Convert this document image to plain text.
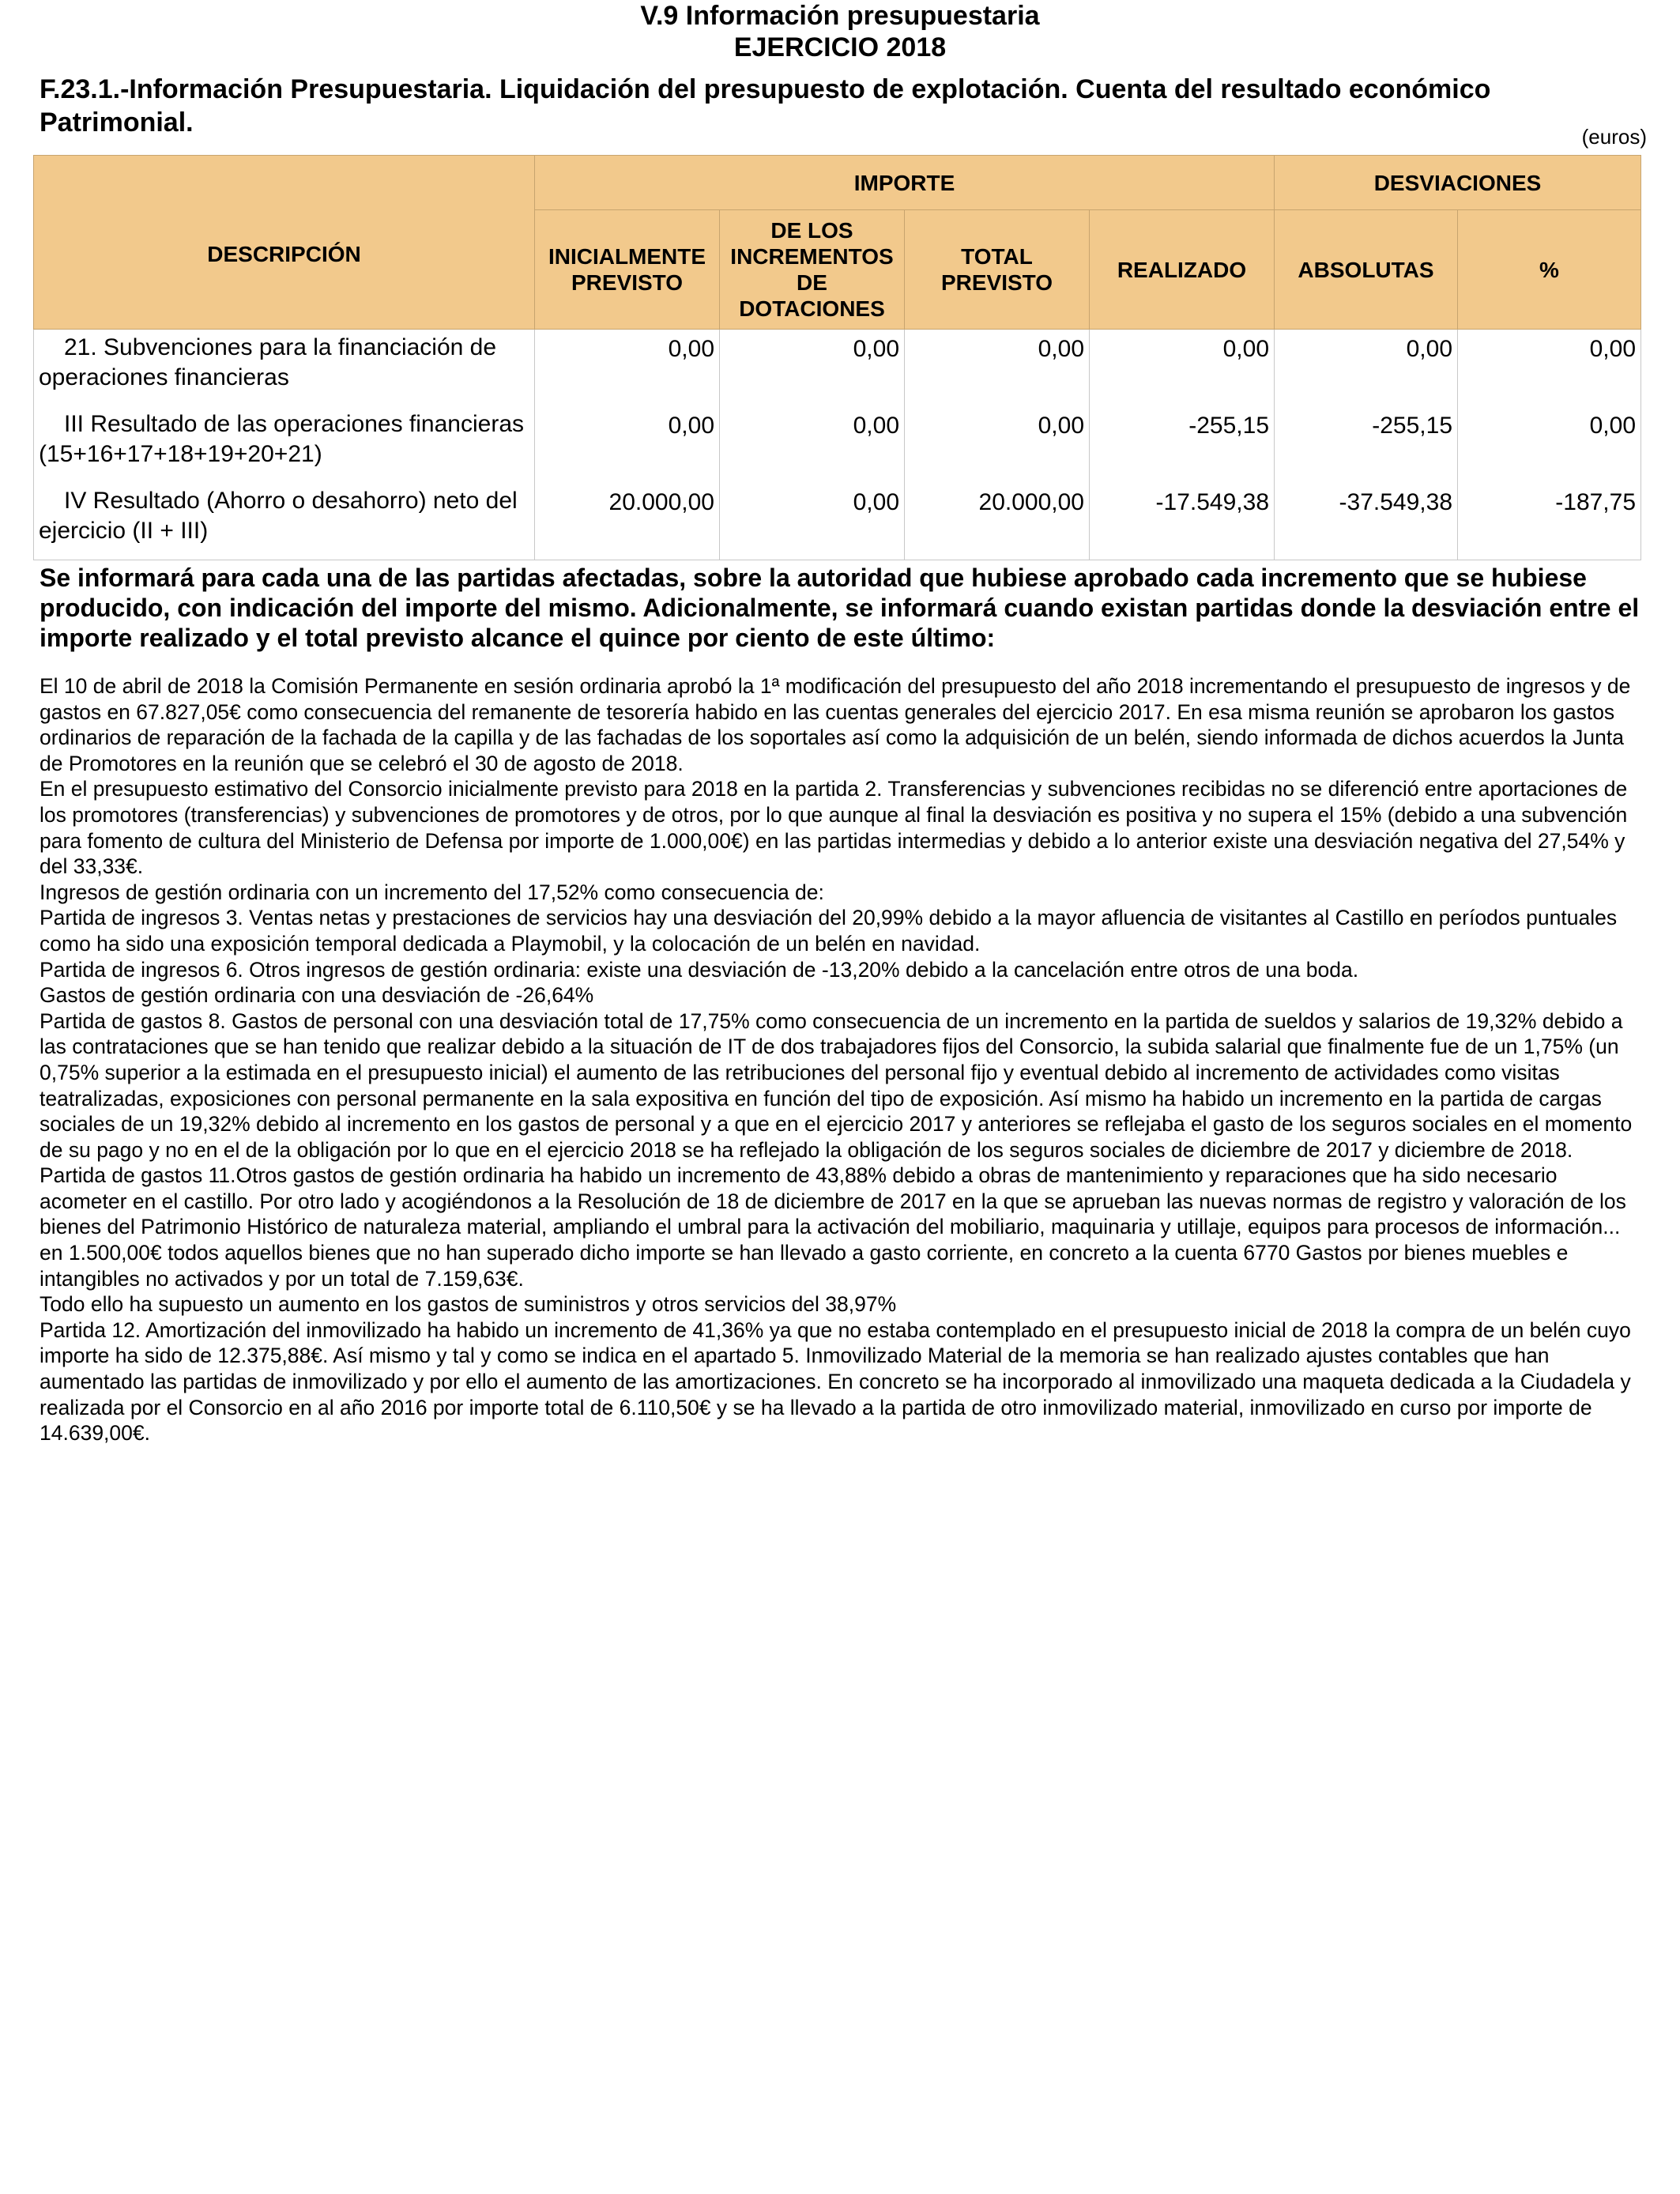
V.9 Información presupuestaria
EJERCICIO 2018
F.23.1.-Información Presupuestaria. Liquidación del presupuesto de explotación. Cuenta del resultado económico Patrimonial.	(euros)
DESCRIPCIÓN	IMPORTE				DESVIACIONES	
	INICIALMENTE PREVISTO	DE LOS INCREMENTOS DE DOTACIONES	TOTAL PREVISTO	REALIZADO	ABSOLUTAS	%
21. Subvenciones para la financiación de operaciones financieras	0,00	0,00	0,00	0,00	0,00	0,00
III Resultado de las operaciones financieras (15+16+17+18+19+20+21)	0,00	0,00	0,00	-255,15	-255,15	0,00
IV Resultado (Ahorro o desahorro) neto del ejercicio (II + III)	20.000,00	0,00	20.000,00	-17.549,38	-37.549,38	-187,75
Se informará para cada una de las partidas afectadas, sobre la autoridad que hubiese aprobado cada incremento que se hubiese producido, con indicación del importe del mismo. Adicionalmente, se informará cuando existan partidas donde la desviación entre el importe realizado y el total previsto alcance el quince por ciento de este último:

El 10 de abril de 2018 la Comisión Permanente en sesión ordinaria aprobó la 1ª modificación del presupuesto del año 2018 incrementando el presupuesto de ingresos y de gastos en 67.827,05€ como consecuencia del remanente de tesorería habido en las cuentas generales del ejercicio 2017. En esa misma reunión se aprobaron los gastos ordinarios de reparación de la fachada de la capilla y de las fachadas de los soportales así como la adquisición de un belén, siendo informada de dichos acuerdos la Junta de Promotores en la reunión que se celebró el 30 de agosto de 2018.

En el presupuesto estimativo del Consorcio inicialmente previsto para 2018 en la partida 2. Transferencias y subvenciones recibidas no se diferenció entre aportaciones de los promotores (transferencias) y subvenciones de promotores y de otros, por lo que aunque al final la desviación es positiva y no supera el 15% (debido a una subvención para fomento de cultura del Ministerio de Defensa por importe de 1.000,00€) en las partidas intermedias y debido a lo anterior existe una desviación negativa del 27,54% y del 33,33€.

Ingresos de gestión ordinaria con un incremento del 17,52% como consecuencia de:

Partida de ingresos 3. Ventas netas y prestaciones de servicios hay una desviación del 20,99% debido a la mayor afluencia de visitantes al Castillo en períodos puntuales como ha sido una exposición temporal dedicada a Playmobil, y la colocación de un belén en navidad.

Partida de ingresos 6. Otros ingresos de gestión ordinaria: existe una desviación de -13,20% debido a la cancelación entre otros de una boda.

Gastos de gestión ordinaria con una desviación de -26,64%

Partida de gastos 8. Gastos de personal con una desviación total de 17,75% como consecuencia de un incremento en la partida de sueldos y salarios de 19,32% debido a las contrataciones que se han tenido que realizar debido a la situación de IT de dos trabajadores fijos del Consorcio, la subida salarial que finalmente fue de un 1,75% (un 0,75% superior a la estimada en el presupuesto inicial) el aumento de las retribuciones del personal fijo y eventual debido al incremento de actividades como visitas teatralizadas, exposiciones con personal permanente en la sala expositiva en función del tipo de exposición. Así mismo ha habido un incremento en la partida de cargas sociales de un 19,32% debido al incremento en los gastos de personal y a que en el ejercicio 2017 y anteriores se reflejaba el gasto de los seguros sociales en el momento de su pago y no en el de la obligación por lo que en el ejercicio 2018 se ha reflejado la obligación de los seguros sociales de diciembre de 2017 y diciembre de 2018.

Partida de gastos 11.Otros gastos de gestión ordinaria ha habido un incremento de 43,88% debido a obras de mantenimiento y reparaciones que ha sido necesario acometer en el castillo. Por otro lado y acogiéndonos a la Resolución de 18 de diciembre de 2017 en la que se aprueban las nuevas normas de registro y valoración de los bienes del Patrimonio Histórico de naturaleza material, ampliando el umbral para la activación del mobiliario, maquinaria y utillaje, equipos para procesos de información... en 1.500,00€ todos aquellos bienes que no han superado dicho importe se han llevado a gasto corriente, en concreto a la cuenta 6770 Gastos por bienes muebles e intangibles no activados y por un total de 7.159,63€.

Todo ello ha supuesto un aumento en los gastos de suministros y otros servicios del 38,97%

Partida 12. Amortización del inmovilizado ha habido un incremento de 41,36% ya que no estaba contemplado en el presupuesto inicial de 2018 la compra de un belén cuyo importe ha sido de 12.375,88€. Así mismo y tal y como se indica en el apartado 5. Inmovilizado Material de la memoria se han realizado ajustes contables que han aumentado las partidas de inmovilizado y por ello el aumento de las amortizaciones. En concreto se ha incorporado al inmovilizado una maqueta dedicada a la Ciudadela y realizada por el Consorcio en al año 2016 por importe total de 6.110,50€ y se ha llevado a la partida de otro inmovilizado material, inmovilizado en curso por importe de 14.639,00€.
